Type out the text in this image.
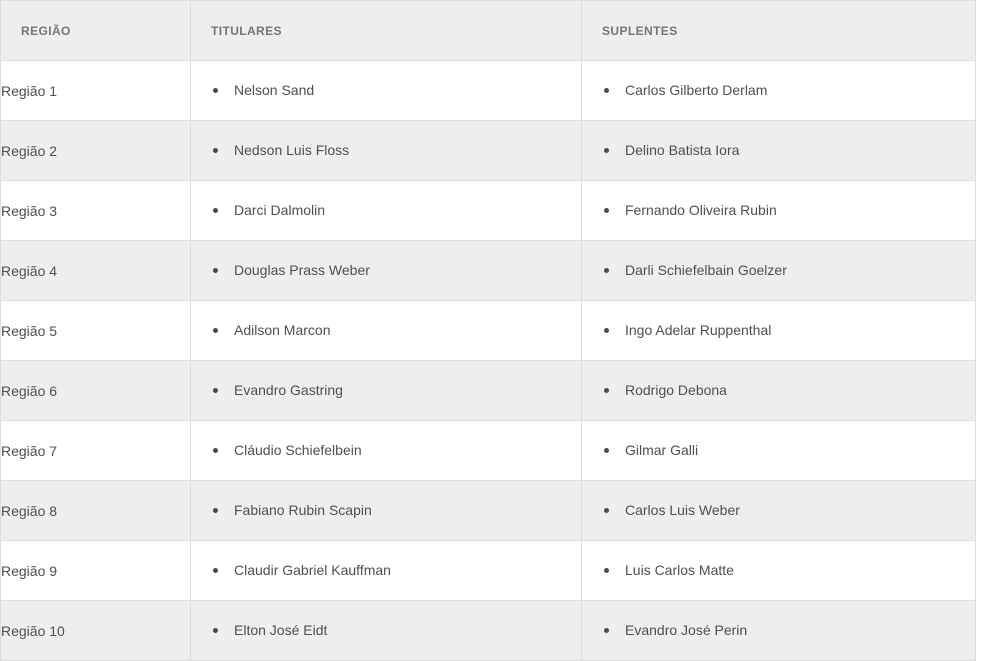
REGIÃO	TITULARES	SUPLENTES
Região 1	Nelson Sand	Carlos Gilberto Derlam

Região 2	Nedson Luis Floss	Delino Batista Iora

Região 3	Darci Dalmolin	Fernando Oliveira Rubin

Região 4	Douglas Prass Weber	Darli Schiefelbain Goelzer

Região 5	Adilson Marcon	Ingo Adelar Ruppenthal

Região 6	Evandro Gastring	Rodrigo Debona

Região 7	Cláudio Schiefelbein	Gilmar Galli

Região 8	Fabiano Rubin Scapin	Carlos Luis Weber

Região 9	Claudir Gabriel Kauffman	Luis Carlos Matte

Região 10	Elton José Eidt	Evandro José Perin
